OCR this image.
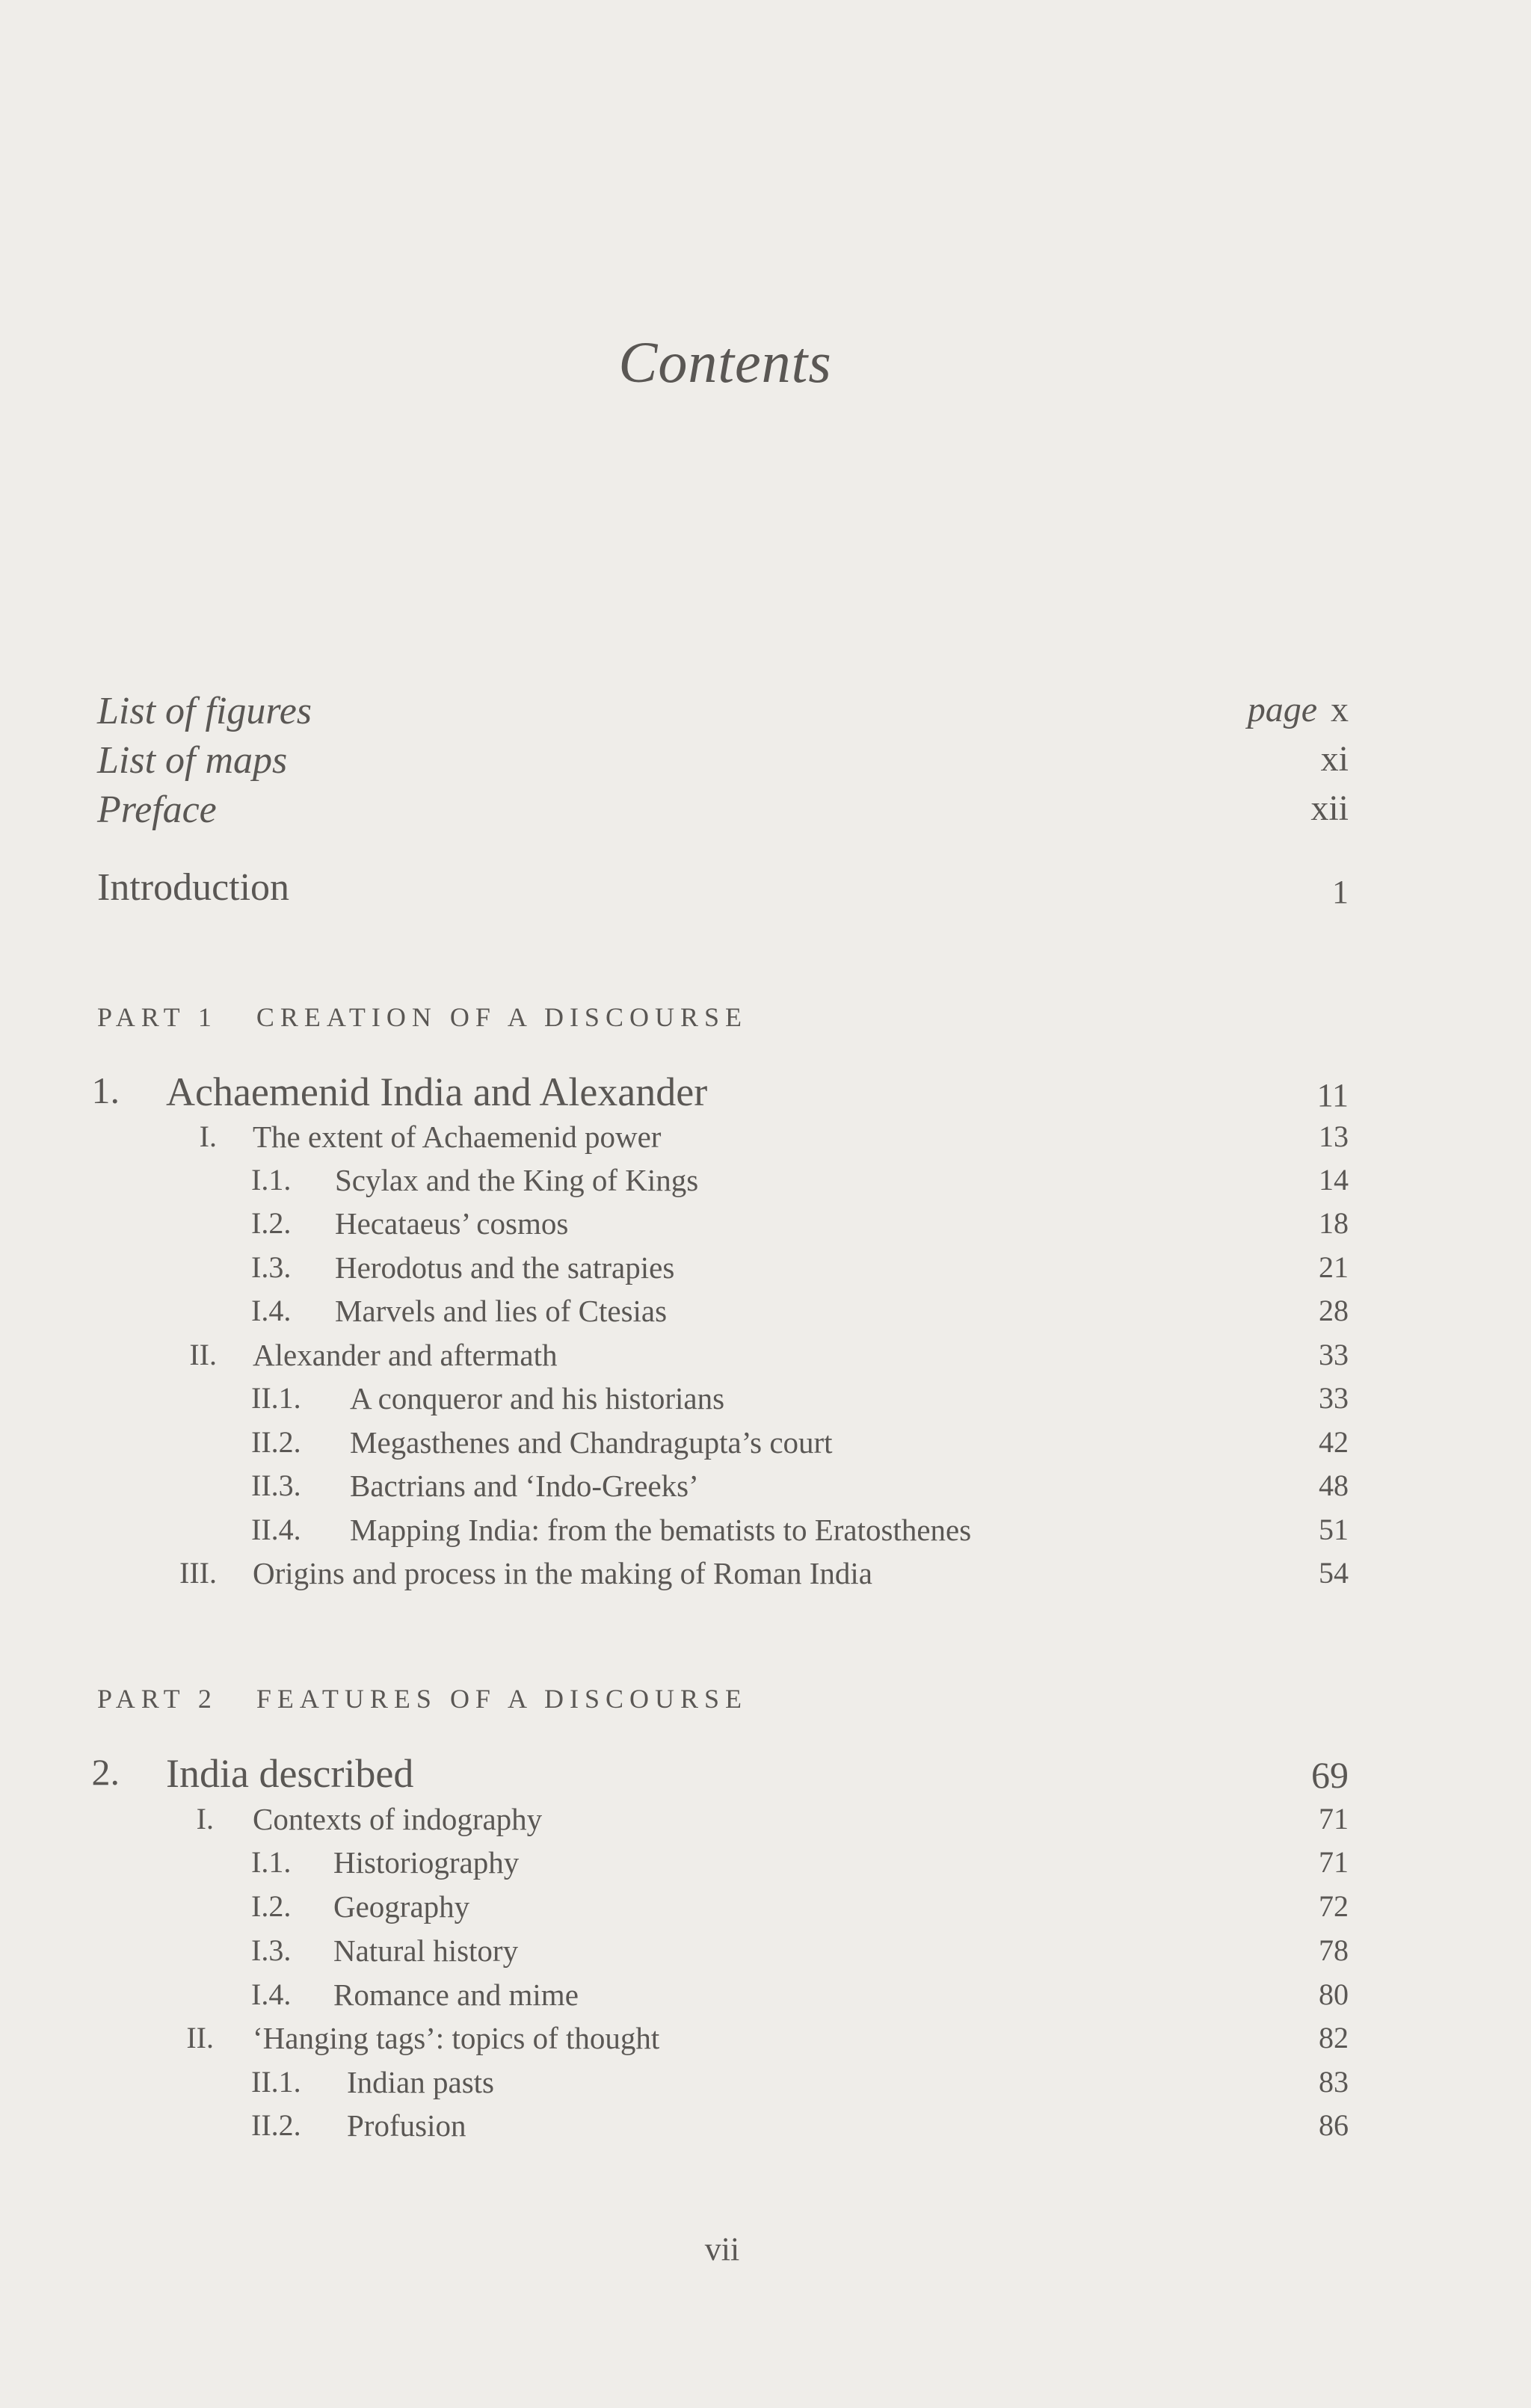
Contents
List of figures	page x
List of maps	xi
Preface	xii
Introduction	1
PART 1 CREATION OF A DISCOURSE
1. Achaemenid India and Alexander	11
I. The extent of Achaemenid power	13
I.1.	Scylax and the King of Kings	14
I.2.	Hecataeus’ cosmos	18
I.3.	Herodotus and the satrapies	21
I.4.	Marvels and lies of Ctesias	28
II. Alexander and aftermath	33
II.1.	A conqueror and his historians	33
II.2.	Megasthenes and Chandragupta’s court	42
II.3.	Bactrians and ‘Indo-Greeks’	48
II.4.	Mapping India: from the bematists to Eratosthenes	51
III. Origins and process in the making of Roman India	54
PART 2 FEATURES OF A DISCOURSE
2. India described	69
I. Contexts of indography	71
I.1.	Historiography	71
I.2.	Geography	72
I.3.	Natural history	78
I.4.	Romance and mime	80
II. ‘Hanging tags’: topics of thought	82
II.1.	Indian pasts	83
II.2.	Profusion	86
vii
